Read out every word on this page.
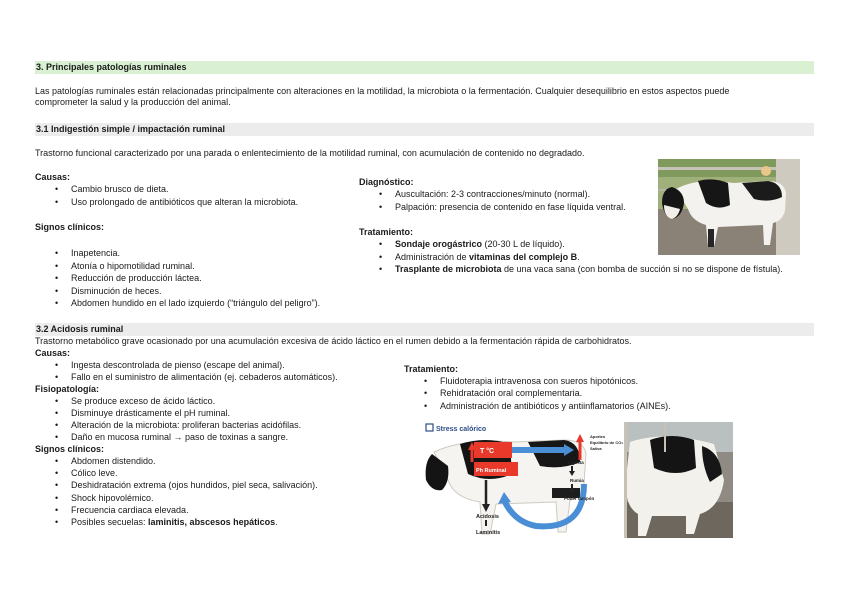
3. Principales patologías ruminales
Las patologías ruminales están relacionadas principalmente con alteraciones en la motilidad, la microbiota o la fermentación. Cualquier desequilibrio en estos aspectos puede
comprometer la salud y la producción del animal.
3.1 Indigestión simple / impactación ruminal
Trastorno funcional caracterizado por una parada o enlentecimiento de la motilidad ruminal, con acumulación de contenido no degradado.
Causas:
• Cambio brusco de dieta.
• Uso prolongado de antibióticos que alteran la microbiota.
Signos clínicos:
• Inapetencia.
• Atonía o hipomotilidad ruminal.
• Reducción de producción láctea.
• Disminución de heces.
• Abdomen hundido en el lado izquierdo (“triángulo del peligro”).
Diagnóstico:
• Auscultación: 2-3 contracciones/minuto (normal).
• Palpación: presencia de contenido en fase líquida ventral.
Tratamiento:
• Sondaje orogástrico (20-30 L de líquido).
• Administración de vitaminas del complejo B.
• Trasplante de microbiota de una vaca sana (con bomba de succión si no se dispone de fístula).
3.2 Acidosis ruminal
Trastorno metabólico grave ocasionado por una acumulación excesiva de ácido láctico en el rumen debido a la fermentación rápida de carbohidratos.
Causas:
• Ingesta descontrolada de pienso (escape del animal).
• Fallo en el suministro de alimentación (ej. cebaderos automáticos).
Fisiopatología:
• Se produce exceso de ácido láctico.
• Disminuye drásticamente el pH ruminal.
• Alteración de la microbiota: proliferan bacterias acidófilas.
• Daño en mucosa ruminal → paso de toxinas a sangre.
Signos clínicos:
• Abdomen distendido.
• Cólico leve.
• Deshidratación extrema (ojos hundidos, piel seca, salivación).
• Shock hipovolémico.
• Frecuencia cardiaca elevada.
• Posibles secuelas: laminitis, abscesos hepáticos.
Tratamiento:
• Fluidoterapia intravenosa con sueros hipotónicos.
• Rehidratación oral complementaria.
• Administración de antibióticos y antiinflamatorios (AINEs).
Stress calórico
T °C
Ph Ruminal
Acidosis
Laminitis
Aportes
Equilibrio de CO₂
Saliva
Ingesta
Rumia
Poder tampón
